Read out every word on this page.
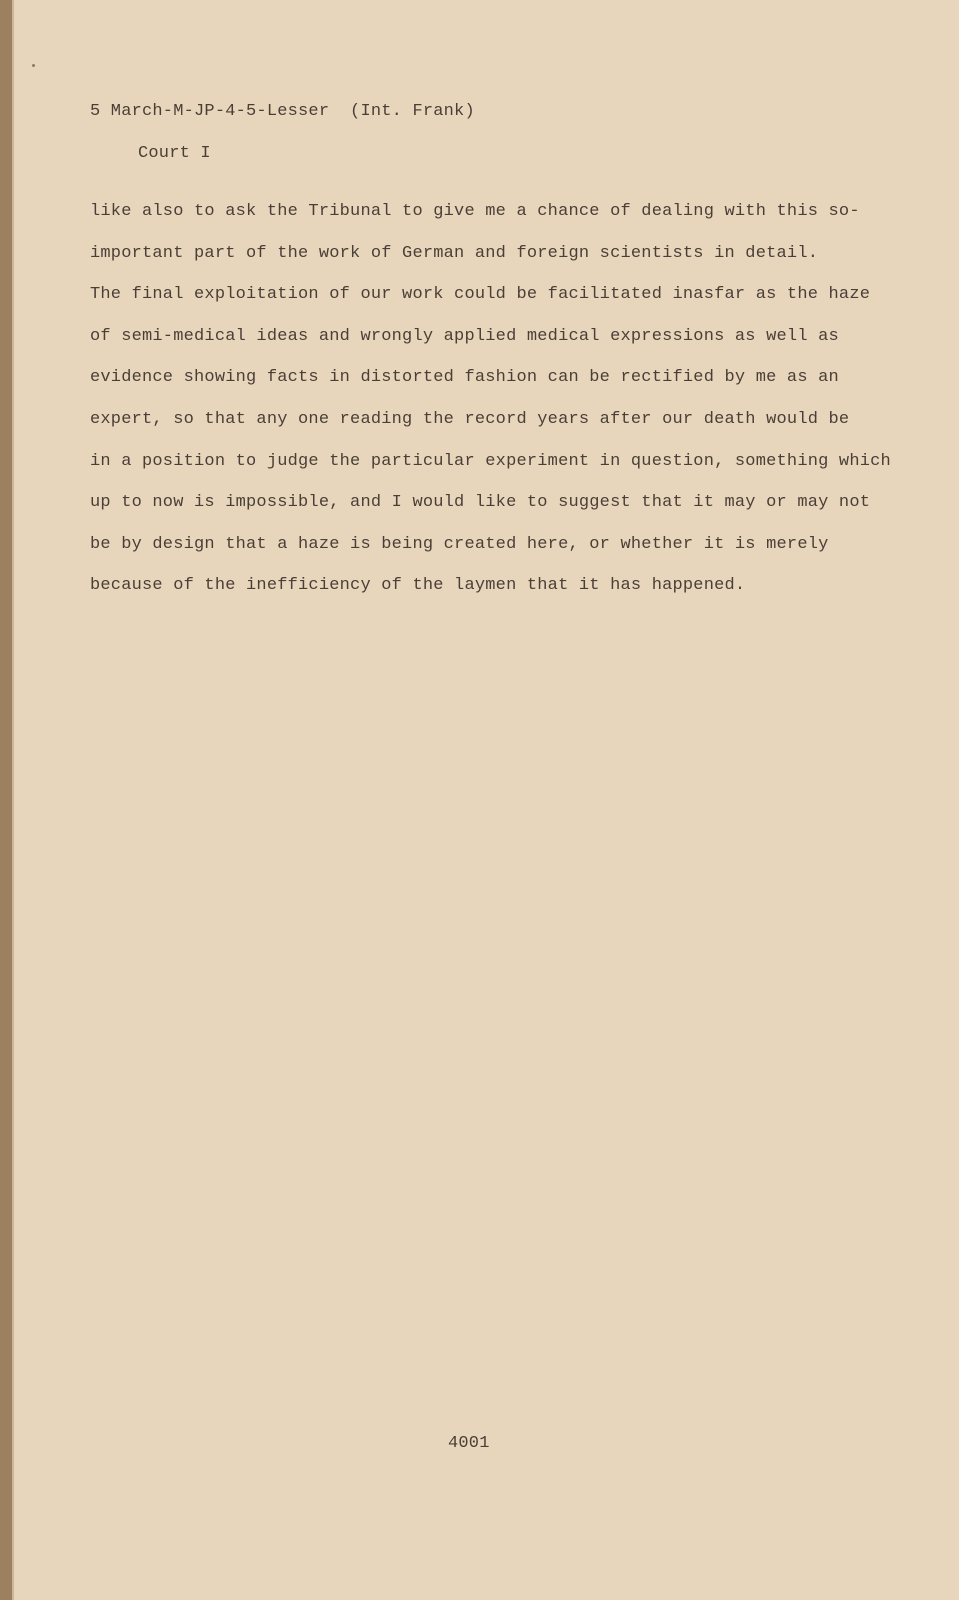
5 March-M-JP-4-5-Lesser  (Int. Frank)
Court I
like also to ask the Tribunal to give me a chance of dealing with this so-
important part of the work of German and foreign scientists in detail.
The final exploitation of our work could be facilitated inasfar as the haze
of semi-medical ideas and wrongly applied medical expressions as well as
evidence showing facts in distorted fashion can be rectified by me as an
expert, so that any one reading the record years after our death would be
in a position to judge the particular experiment in question, something which
up to now is impossible, and I would like to suggest that it may or may not
be by design that a haze is being created here, or whether it is merely
because of the inefficiency of the laymen that it has happened.
4001
